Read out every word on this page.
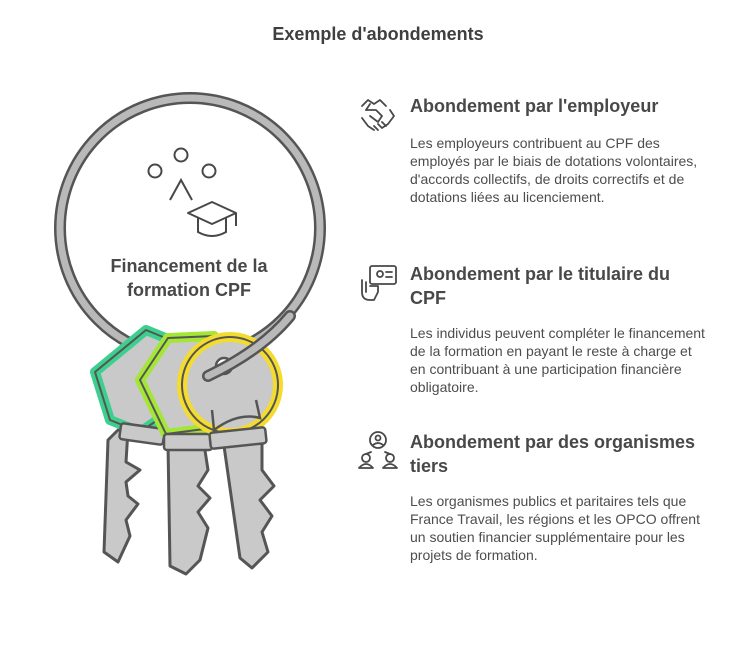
Exemple d'abondements
Financement de la formation CPF
Abondement par l'employeur

Les employeurs contribuent au CPF des employés par le biais de dotations volontaires, d'accords collectifs, de droits correctifs et de dotations liées au licenciement.

Abondement par le titulaire du CPF

Les individus peuvent compléter le financement de la formation en payant le reste à charge et en contribuant à une participation financière obligatoire.

Abondement par des organismes tiers

Les organismes publics et paritaires tels que France Travail, les régions et les OPCO offrent un soutien financier supplémentaire pour les projets de formation.
